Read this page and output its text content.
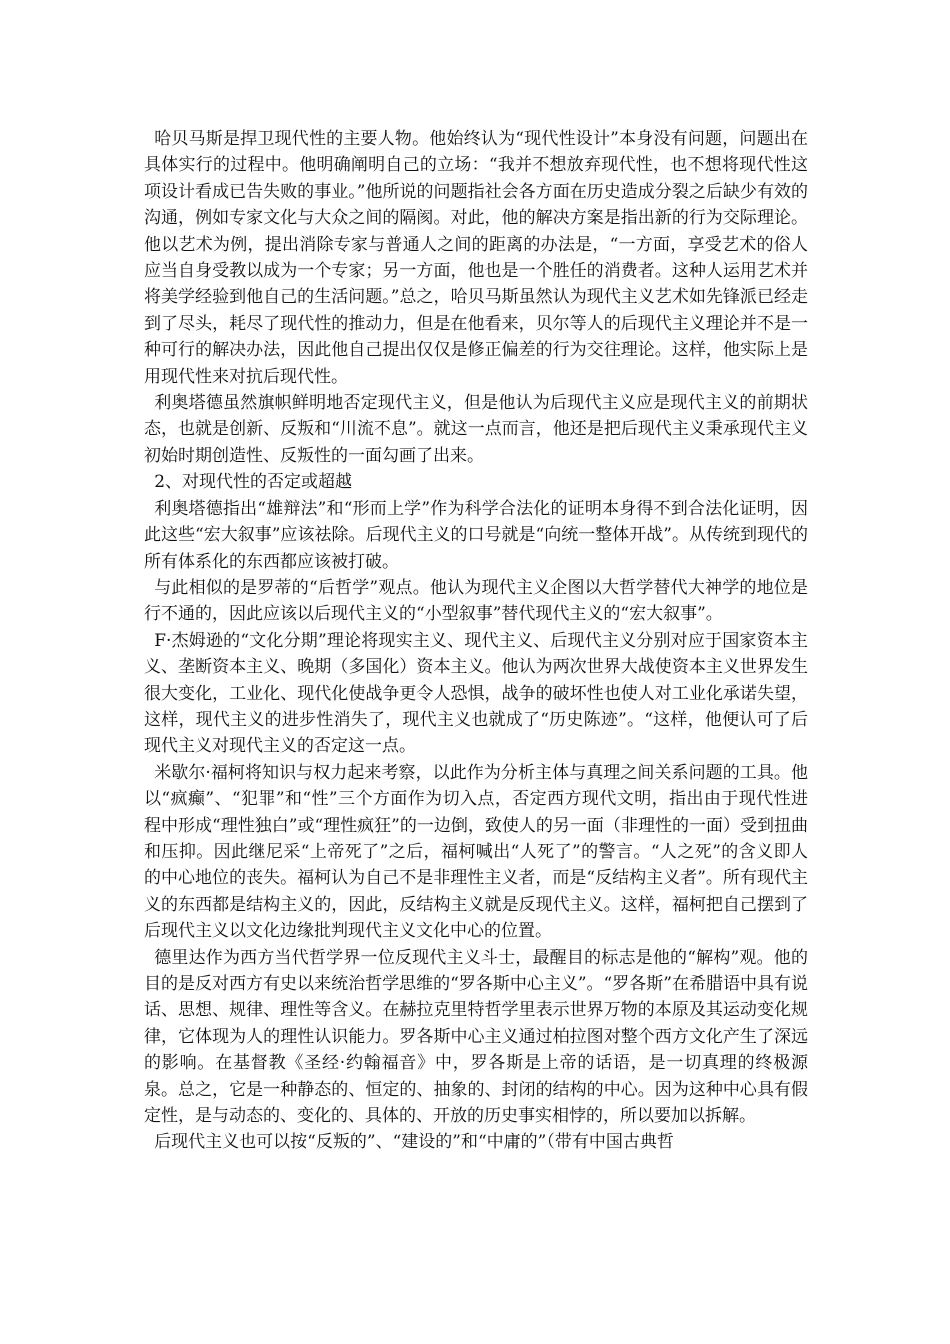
哈贝马斯是捍卫现代性的主要人物。他始终认为“现代性设计”本身没有问题，问题出在具体实行的过程中。他明确阐明自己的立场：“我并不想放弃现代性，也不想将现代性这项设计看成已告失败的事业。”他所说的问题指社会各方面在历史造成分裂之后缺少有效的沟通，例如专家文化与大众之间的隔阂。对此，他的解决方案是指出新的行为交际理论。他以艺术为例，提出消除专家与普通人之间的距离的办法是，“一方面，享受艺术的俗人应当自身受教以成为一个专家；另一方面，他也是一个胜任的消费者。这种人运用艺术并将美学经验到他自己的生活问题。”总之，哈贝马斯虽然认为现代主义艺术如先锋派已经走到了尽头，耗尽了现代性的推动力，但是在他看来，贝尔等人的后现代主义理论并不是一种可行的解决办法，因此他自己提出仅仅是修正偏差的行为交往理论。这样，他实际上是用现代性来对抗后现代性。

利奥塔德虽然旗帜鲜明地否定现代主义，但是他认为后现代主义应是现代主义的前期状态，也就是创新、反叛和“川流不息”。就这一点而言，他还是把后现代主义秉承现代主义初始时期创造性、反叛性的一面勾画了出来。

2、对现代性的否定或超越

利奥塔德指出“雄辩法”和“形而上学”作为科学合法化的证明本身得不到合法化证明，因此这些“宏大叙事”应该祛除。后现代主义的口号就是“向统一整体开战”。从传统到现代的所有体系化的东西都应该被打破。

与此相似的是罗蒂的“后哲学”观点。他认为现代主义企图以大哲学替代大神学的地位是行不通的，因此应该以后现代主义的“小型叙事”替代现代主义的“宏大叙事”。

F·杰姆逊的“文化分期”理论将现实主义、现代主义、后现代主义分别对应于国家资本主义、垄断资本主义、晚期（多国化）资本主义。他认为两次世界大战使资本主义世界发生很大变化，工业化、现代化使战争更令人恐惧，战争的破坏性也使人对工业化承诺失望，这样，现代主义的进步性消失了，现代主义也就成了“历史陈迹”。“这样，他便认可了后现代主义对现代主义的否定这一点。

米歇尔·福柯将知识与权力起来考察，以此作为分析主体与真理之间关系问题的工具。他以“疯癫”、“犯罪”和“性”三个方面作为切入点，否定西方现代文明，指出由于现代性进程中形成“理性独白”或“理性疯狂”的一边倒，致使人的另一面（非理性的一面）受到扭曲和压抑。因此继尼采“上帝死了”之后，福柯喊出“人死了”的警言。“人之死”的含义即人的中心地位的丧失。福柯认为自己不是非理性主义者，而是“反结构主义者”。所有现代主义的东西都是结构主义的，因此，反结构主义就是反现代主义。这样，福柯把自己摆到了后现代主义以文化边缘批判现代主义文化中心的位置。

德里达作为西方当代哲学界一位反现代主义斗士，最醒目的标志是他的“解构”观。他的目的是反对西方有史以来统治哲学思维的“罗各斯中心主义”。“罗各斯”在希腊语中具有说话、思想、规律、理性等含义。在赫拉克里特哲学里表示世界万物的本原及其运动变化规律，它体现为人的理性认识能力。罗各斯中心主义通过柏拉图对整个西方文化产生了深远的影响。在基督教《圣经·约翰福音》中，罗各斯是上帝的话语，是一切真理的终极源泉。总之，它是一种静态的、恒定的、抽象的、封闭的结构的中心。因为这种中心具有假定性，是与动态的、变化的、具体的、开放的历史事实相悖的，所以要加以拆解。

后现代主义也可以按“反叛的”、“建设的”和“中庸的”（带有中国古典哲
